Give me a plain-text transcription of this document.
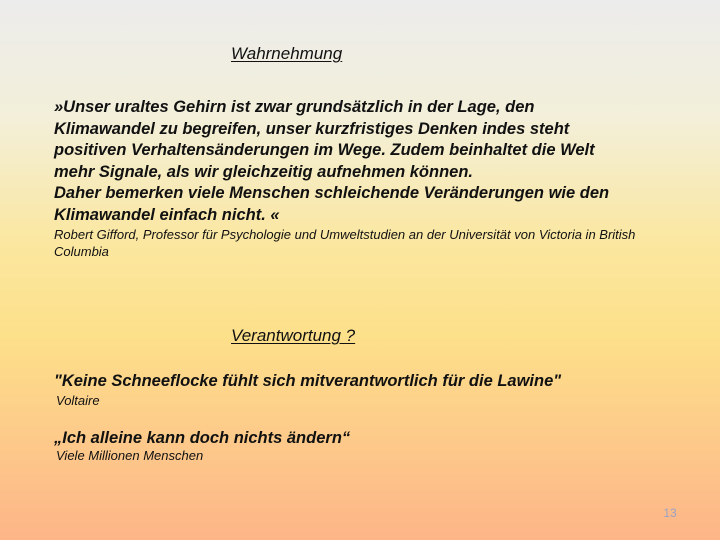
Wahrnehmung
»Unser uraltes Gehirn ist zwar grundsätzlich in der Lage, den
Klimawandel zu begreifen, unser kurzfristiges Denken indes steht
positiven Verhaltensänderungen im Wege. Zudem beinhaltet die Welt
mehr Signale, als wir gleichzeitig aufnehmen können.
Daher bemerken viele Menschen schleichende Veränderungen wie den
Klimawandel einfach nicht. «
Robert Gifford, Professor für Psychologie und Umweltstudien an der Universität von Victoria in British Columbia
Verantwortung ?
"Keine Schneeflocke fühlt sich mitverantwortlich für die Lawine"
Voltaire
„Ich alleine kann doch nichts ändern“
Viele Millionen Menschen
13
